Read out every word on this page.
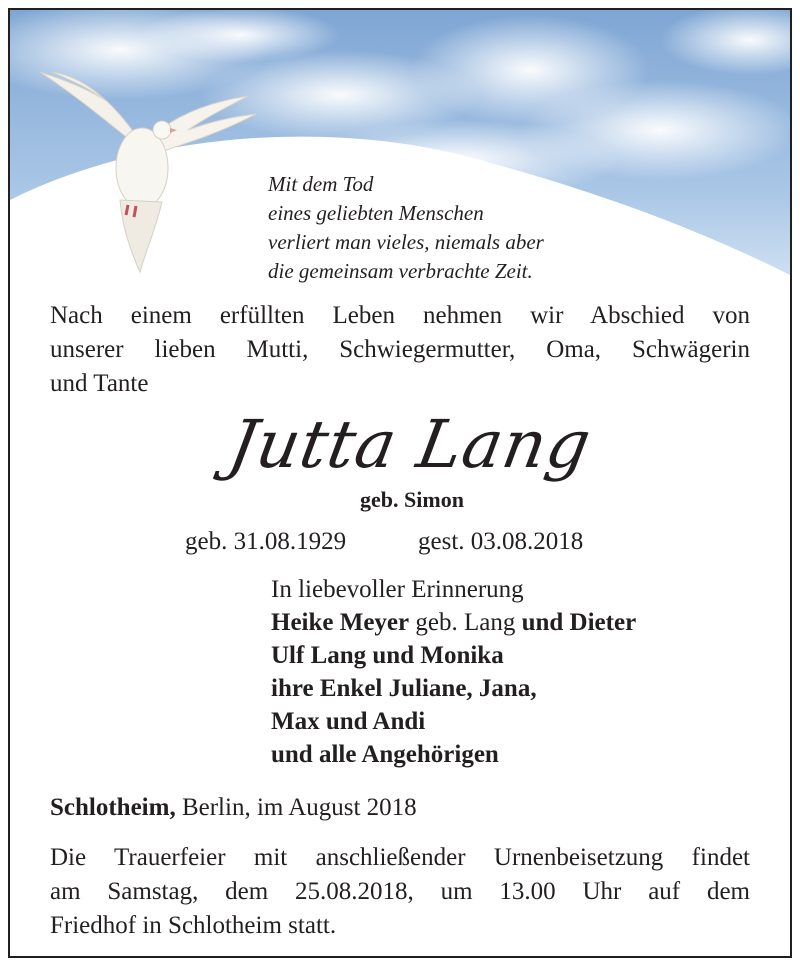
Mit dem Tod
eines geliebten Menschen
verliert man vieles, niemals aber
die gemeinsam verbrachte Zeit.
Nach einem erfüllten Leben nehmen wir Abschied von
unserer lieben Mutti, Schwiegermutter, Oma, Schwägerin
und Tante
Jutta Lang
geb. Simon
geb. 31.08.1929	gest. 03.08.2018
In liebevoller Erinnerung
Heike Meyer geb. Lang und Dieter
Ulf Lang und Monika
ihre Enkel Juliane, Jana,
Max und Andi
und alle Angehörigen
Schlotheim, Berlin, im August 2018
Die Trauerfeier mit anschließender Urnenbeisetzung findet
am Samstag, dem 25.08.2018, um 13.00 Uhr auf dem
Friedhof in Schlotheim statt.
